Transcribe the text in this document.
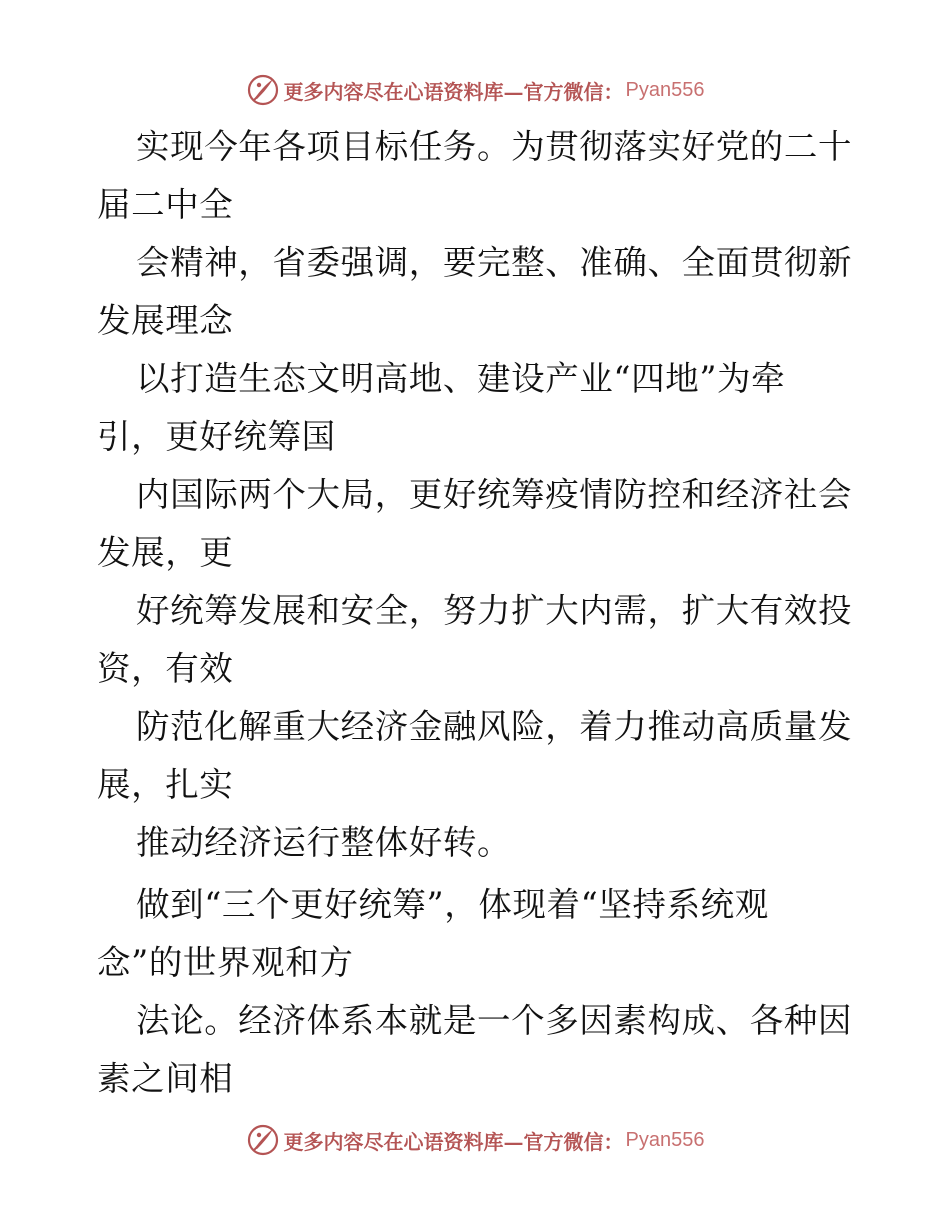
更多内容尽在心语资料库—官方微信： Pyan556
实现今年各项目标任务。为贯彻落实好党的二十
届二中全
会精神，省委强调，要完整、准确、全面贯彻新
发展理念
以打造生态文明高地、建设产业“四地”为牵
引，更好统筹国
内国际两个大局，更好统筹疫情防控和经济社会
发展，更
好统筹发展和安全，努力扩大内需，扩大有效投
资，有效
防范化解重大经济金融风险，着力推动高质量发
展，扎实
推动经济运行整体好转。
做到“三个更好统筹”，体现着“坚持系统观
念”的世界观和方
法论。经济体系本就是一个多因素构成、各种因
素之间相
更多内容尽在心语资料库—官方微信： Pyan556
